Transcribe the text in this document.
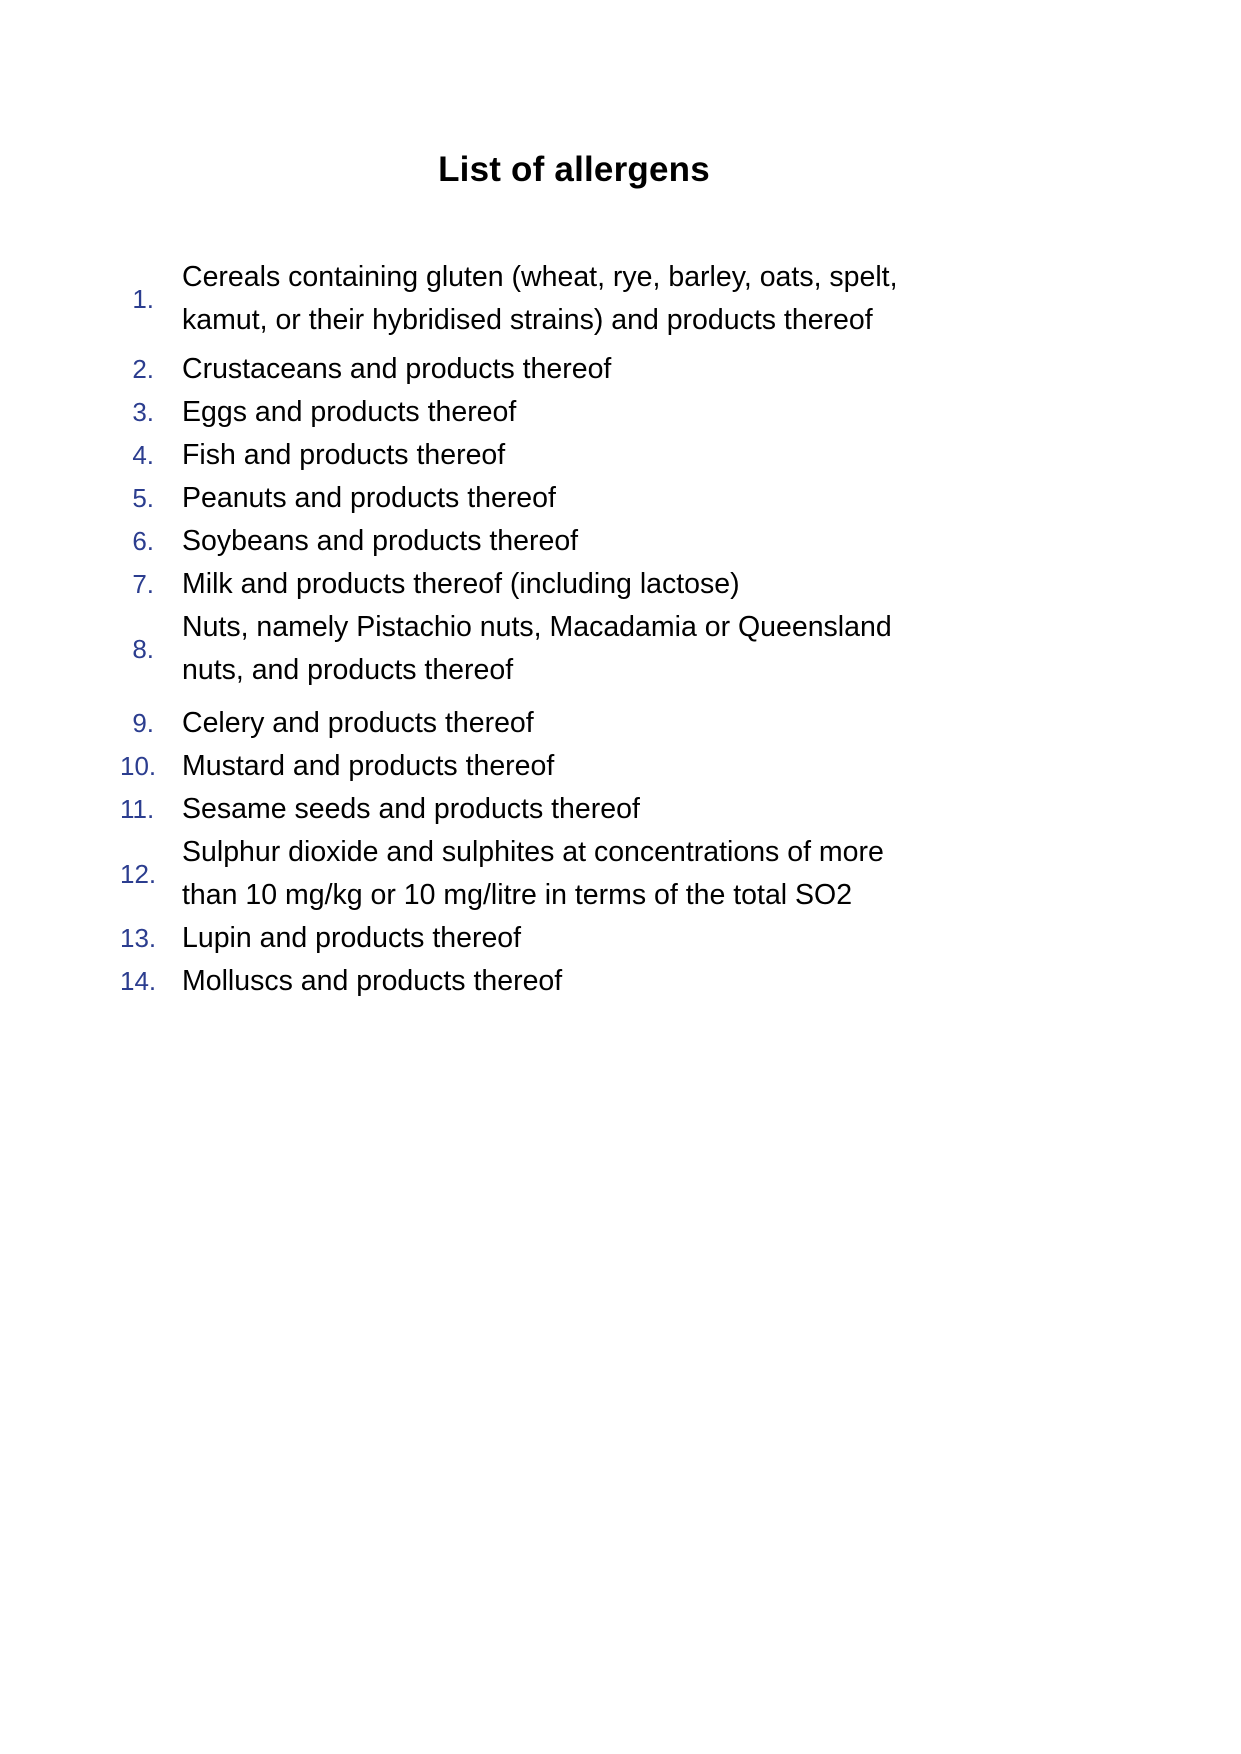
List of allergens
1.
Cereals containing gluten (wheat, rye, barley, oats, spelt, kamut, or their hybridised strains) and products thereof
2. Crustaceans and products thereof
3. Eggs and products thereof
4. Fish and products thereof
5. Peanuts and products thereof
6. Soybeans and products thereof
7. Milk and products thereof (including lactose)
8.
Nuts, namely Pistachio nuts, Macadamia or Queensland nuts, and products thereof
9. Celery and products thereof
10. Mustard and products thereof
11. Sesame seeds and products thereof
12.
Sulphur dioxide and sulphites at concentrations of more than 10 mg/kg or 10 mg/litre in terms of the total SO2
13. Lupin and products thereof
14. Molluscs and products thereof
